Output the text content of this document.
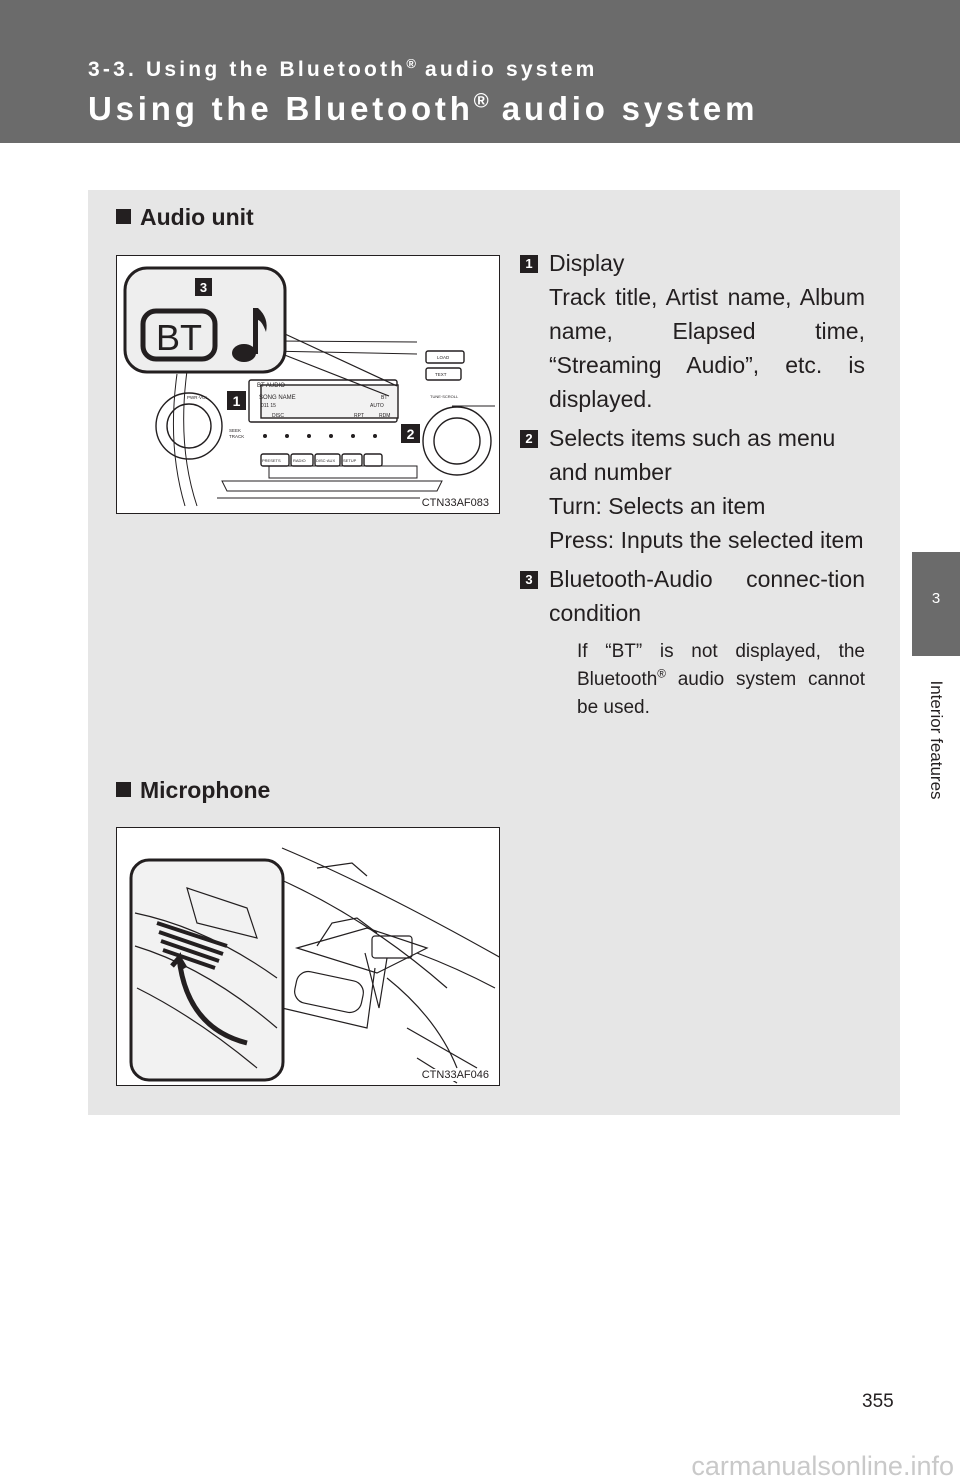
3-3. Using the Bluetooth® audio system
Using the Bluetooth® audio system
3
Interior features
Audio unit
BT AUDIO
SONG NAME
011 15
DISC	RPT	RDM
BT
AUTO
PWR·VOL
SEEK
TRACK
LOAD
TEXT
TUNE·SCROLL
PRESETS	RADIO	DISC·AUX SETUP
BT
3
1
2
CTN33AF083
1 Display
Track title, Artist name, Album name, Elapsed time, “Streaming Audio”, etc. is displayed.
2 Selects items such as menu and number
Turn: Selects an item
Press: Inputs the selected item
3 Bluetooth-Audio connec-tion condition
If “BT” is not displayed, the Bluetooth® audio system cannot be used.
Microphone
CTN33AF046
355
carmanualsonline.info
